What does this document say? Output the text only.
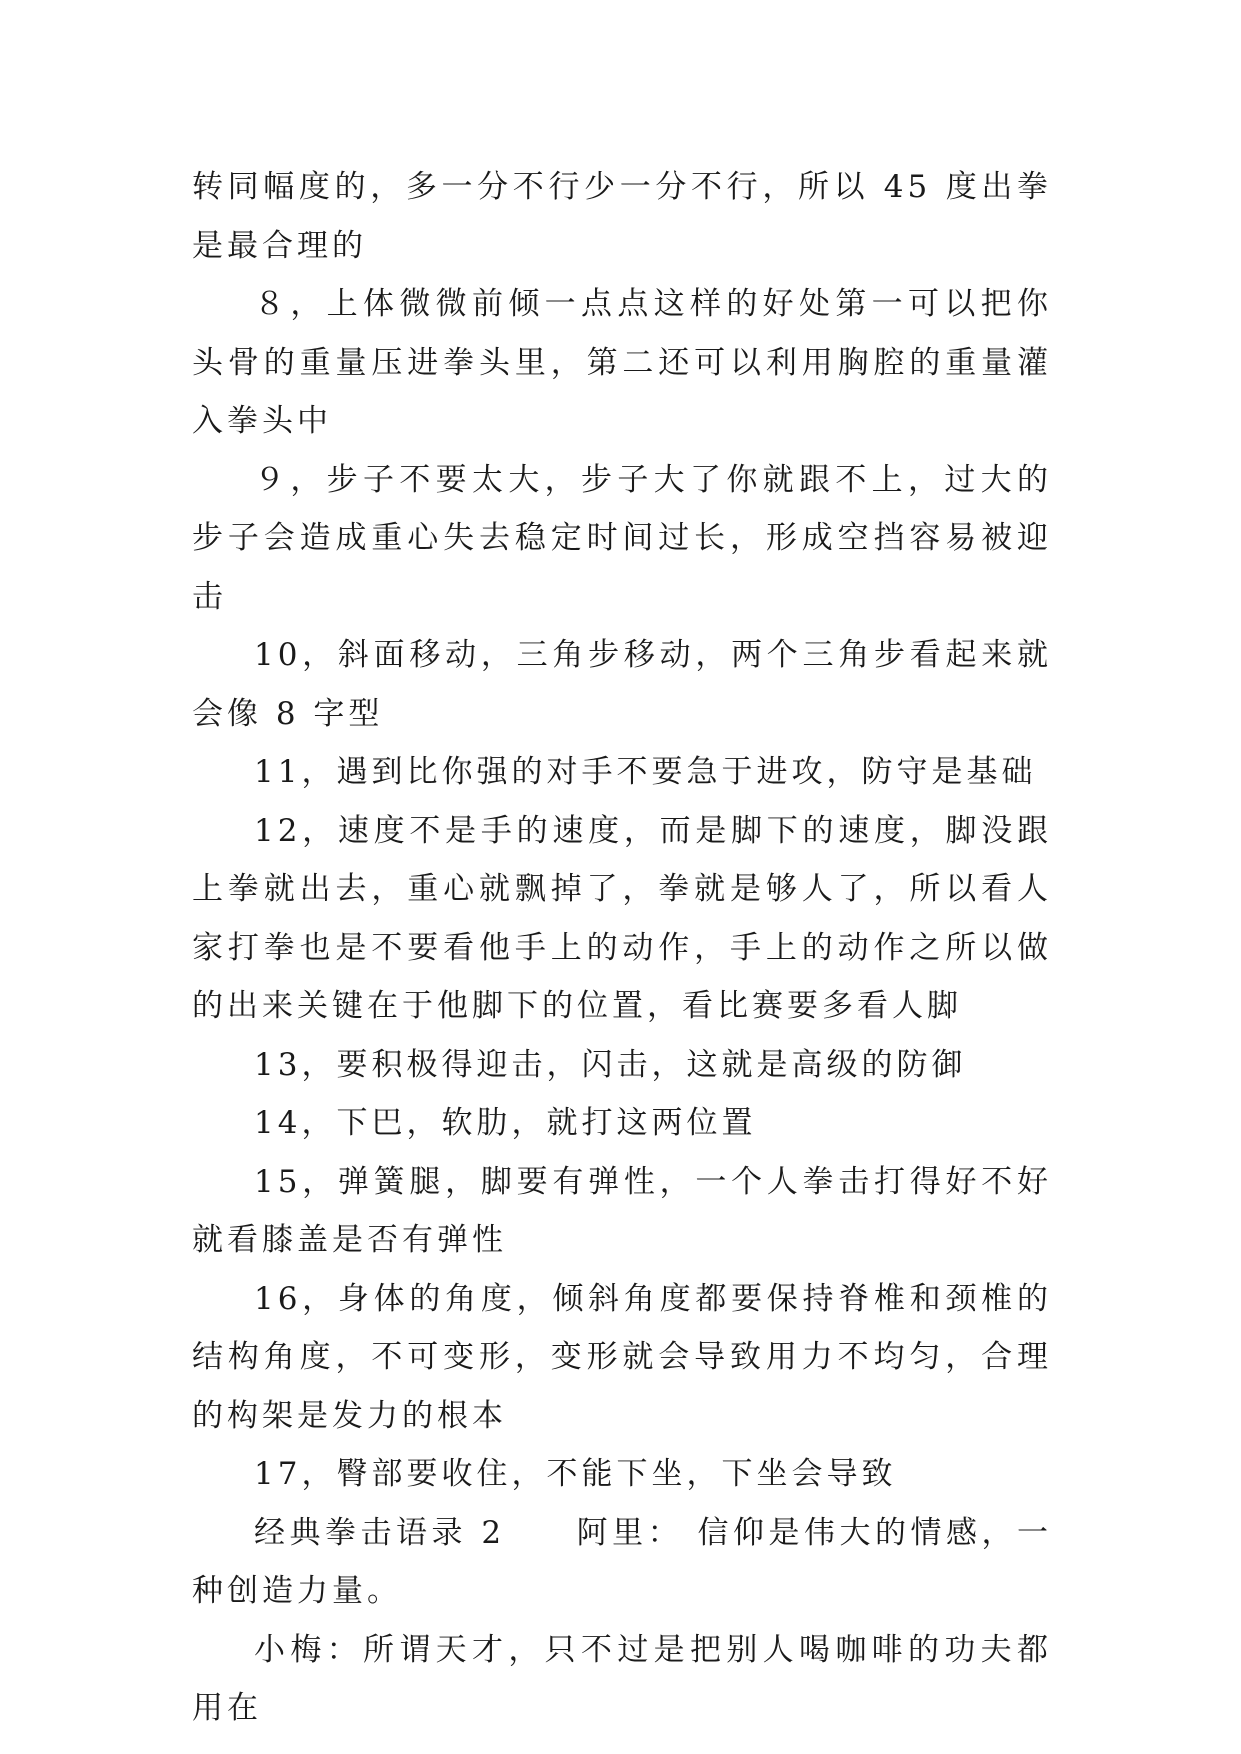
转同幅度的，多一分不行少一分不行，所以 45 度出拳是最合理的

８，上体微微前倾一点点这样的好处第一可以把你头骨的重量压进拳头里，第二还可以利用胸腔的重量灌入拳头中

９，步子不要太大，步子大了你就跟不上，过大的步子会造成重心失去稳定时间过长，形成空挡容易被迎击

10，斜面移动，三角步移动，两个三角步看起来就会像 8 字型

11，遇到比你强的对手不要急于进攻，防守是基础

12，速度不是手的速度，而是脚下的速度，脚没跟上拳就出去，重心就飘掉了，拳就是够人了，所以看人家打拳也是不要看他手上的动作，手上的动作之所以做的出来关键在于他脚下的位置，看比赛要多看人脚

13，要积极得迎击，闪击，这就是高级的防御

14，下巴，软肋，就打这两位置

15，弹簧腿，脚要有弹性，一个人拳击打得好不好就看膝盖是否有弹性

16，身体的角度，倾斜角度都要保持脊椎和颈椎的结构角度，不可变形，变形就会导致用力不均匀，合理的构架是发力的根本

17，臀部要收住，不能下坐，下坐会导致

经典拳击语录 2　　阿里： 信仰是伟大的情感，一种创造力量。

小梅：所谓天才，只不过是把别人喝咖啡的功夫都用在
